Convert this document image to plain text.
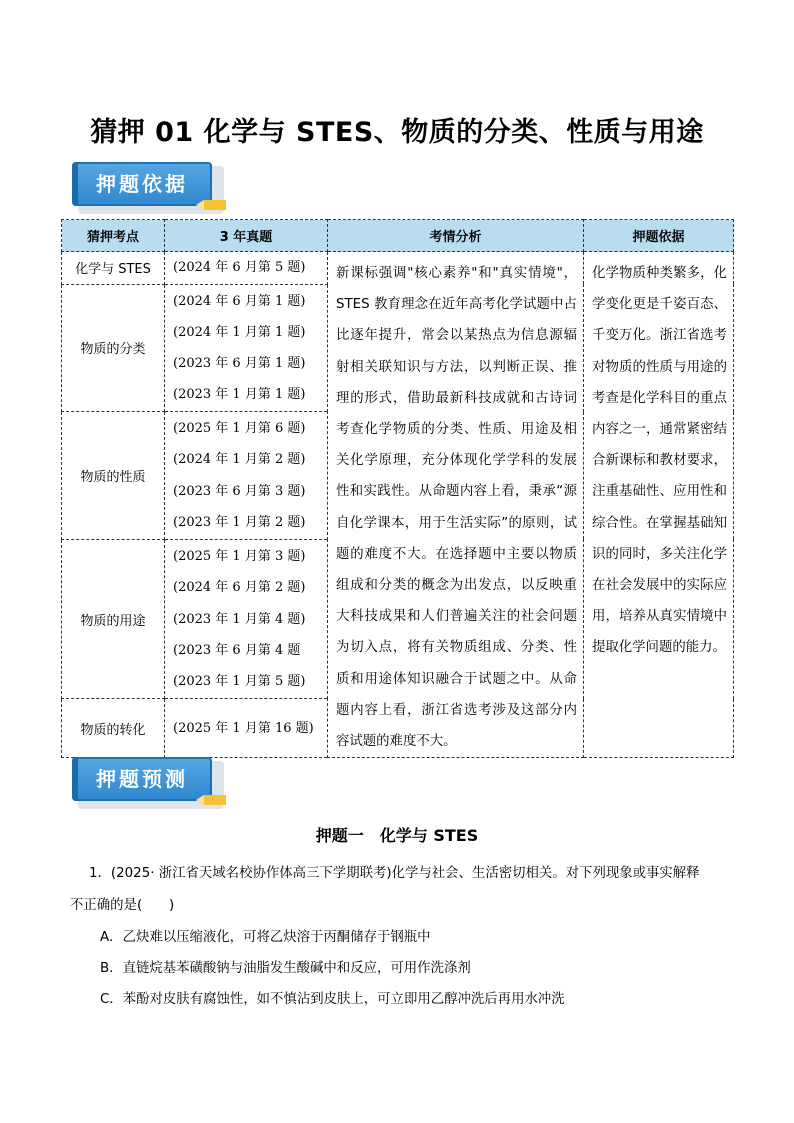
猜押 01 化学与 STES、物质的分类、性质与用途
押题依据
猜押考点	3 年真题	考情分析	押题依据
化学与 STES	(2024 年 6 月第 5 题)	新课标强调"核心素养"和"真实情境"，STES 教育理念在近年高考化学试题中占比逐年提升，常会以某热点为信息源辐射相关联知识与方法，以判断正误、推理的形式，借助最新科技成就和古诗词考查化学物质的分类、性质、用途及相关化学原理，充分体现化学学科的发展性和实践性。从命题内容上看，秉承“源自化学课本，用于生活实际”的原则，试题的难度不大。在选择题中主要以物质组成和分类的概念为出发点，以反映重大科技成果和人们普遍关注的社会问题为切入点，将有关物质组成、分类、性质和用途体知识融合于试题之中。从命题内容上看，浙江省选考涉及这部分内容试题的难度不大。	化学物质种类繁多，化学变化更是千姿百态、千变万化。浙江省选考对物质的性质与用途的考查是化学科目的重点内容之一，通常紧密结合新课标和教材要求，注重基础性、应用性和综合性。在掌握基础知识的同时，多关注化学在社会发展中的实际应用，培养从真实情境中提取化学问题的能力。
物质的分类	(2024 年 6 月第 1 题)
(2024 年 1 月第 1 题)
(2023 年 6 月第 1 题)
(2023 年 1 月第 1 题)		

物质的性质	(2025 年 1 月第 6 题)
(2024 年 1 月第 2 题)
(2023 年 6 月第 3 题)
(2023 年 1 月第 2 题)		

物质的用途	(2025 年 1 月第 3 题)
(2024 年 6 月第 2 题)
(2023 年 1 月第 4 题)
(2023 年 6 月第 4 题
(2023 年 1 月第 5 题)		

物质的转化	(2025 年 1 月第 16 题)		
押题预测
押题一　化学与 STES
1．(2025· 浙江省天域名校协作体高三下学期联考)化学与社会、生活密切相关。对下列现象或事实解释
不正确的是(　　)
A．乙炔难以压缩液化，可将乙炔溶于丙酮储存于钢瓶中
B．直链烷基苯磺酸钠与油脂发生酸碱中和反应，可用作洗涤剂
C．苯酚对皮肤有腐蚀性，如不慎沾到皮肤上，可立即用乙醇冲洗后再用水冲洗
